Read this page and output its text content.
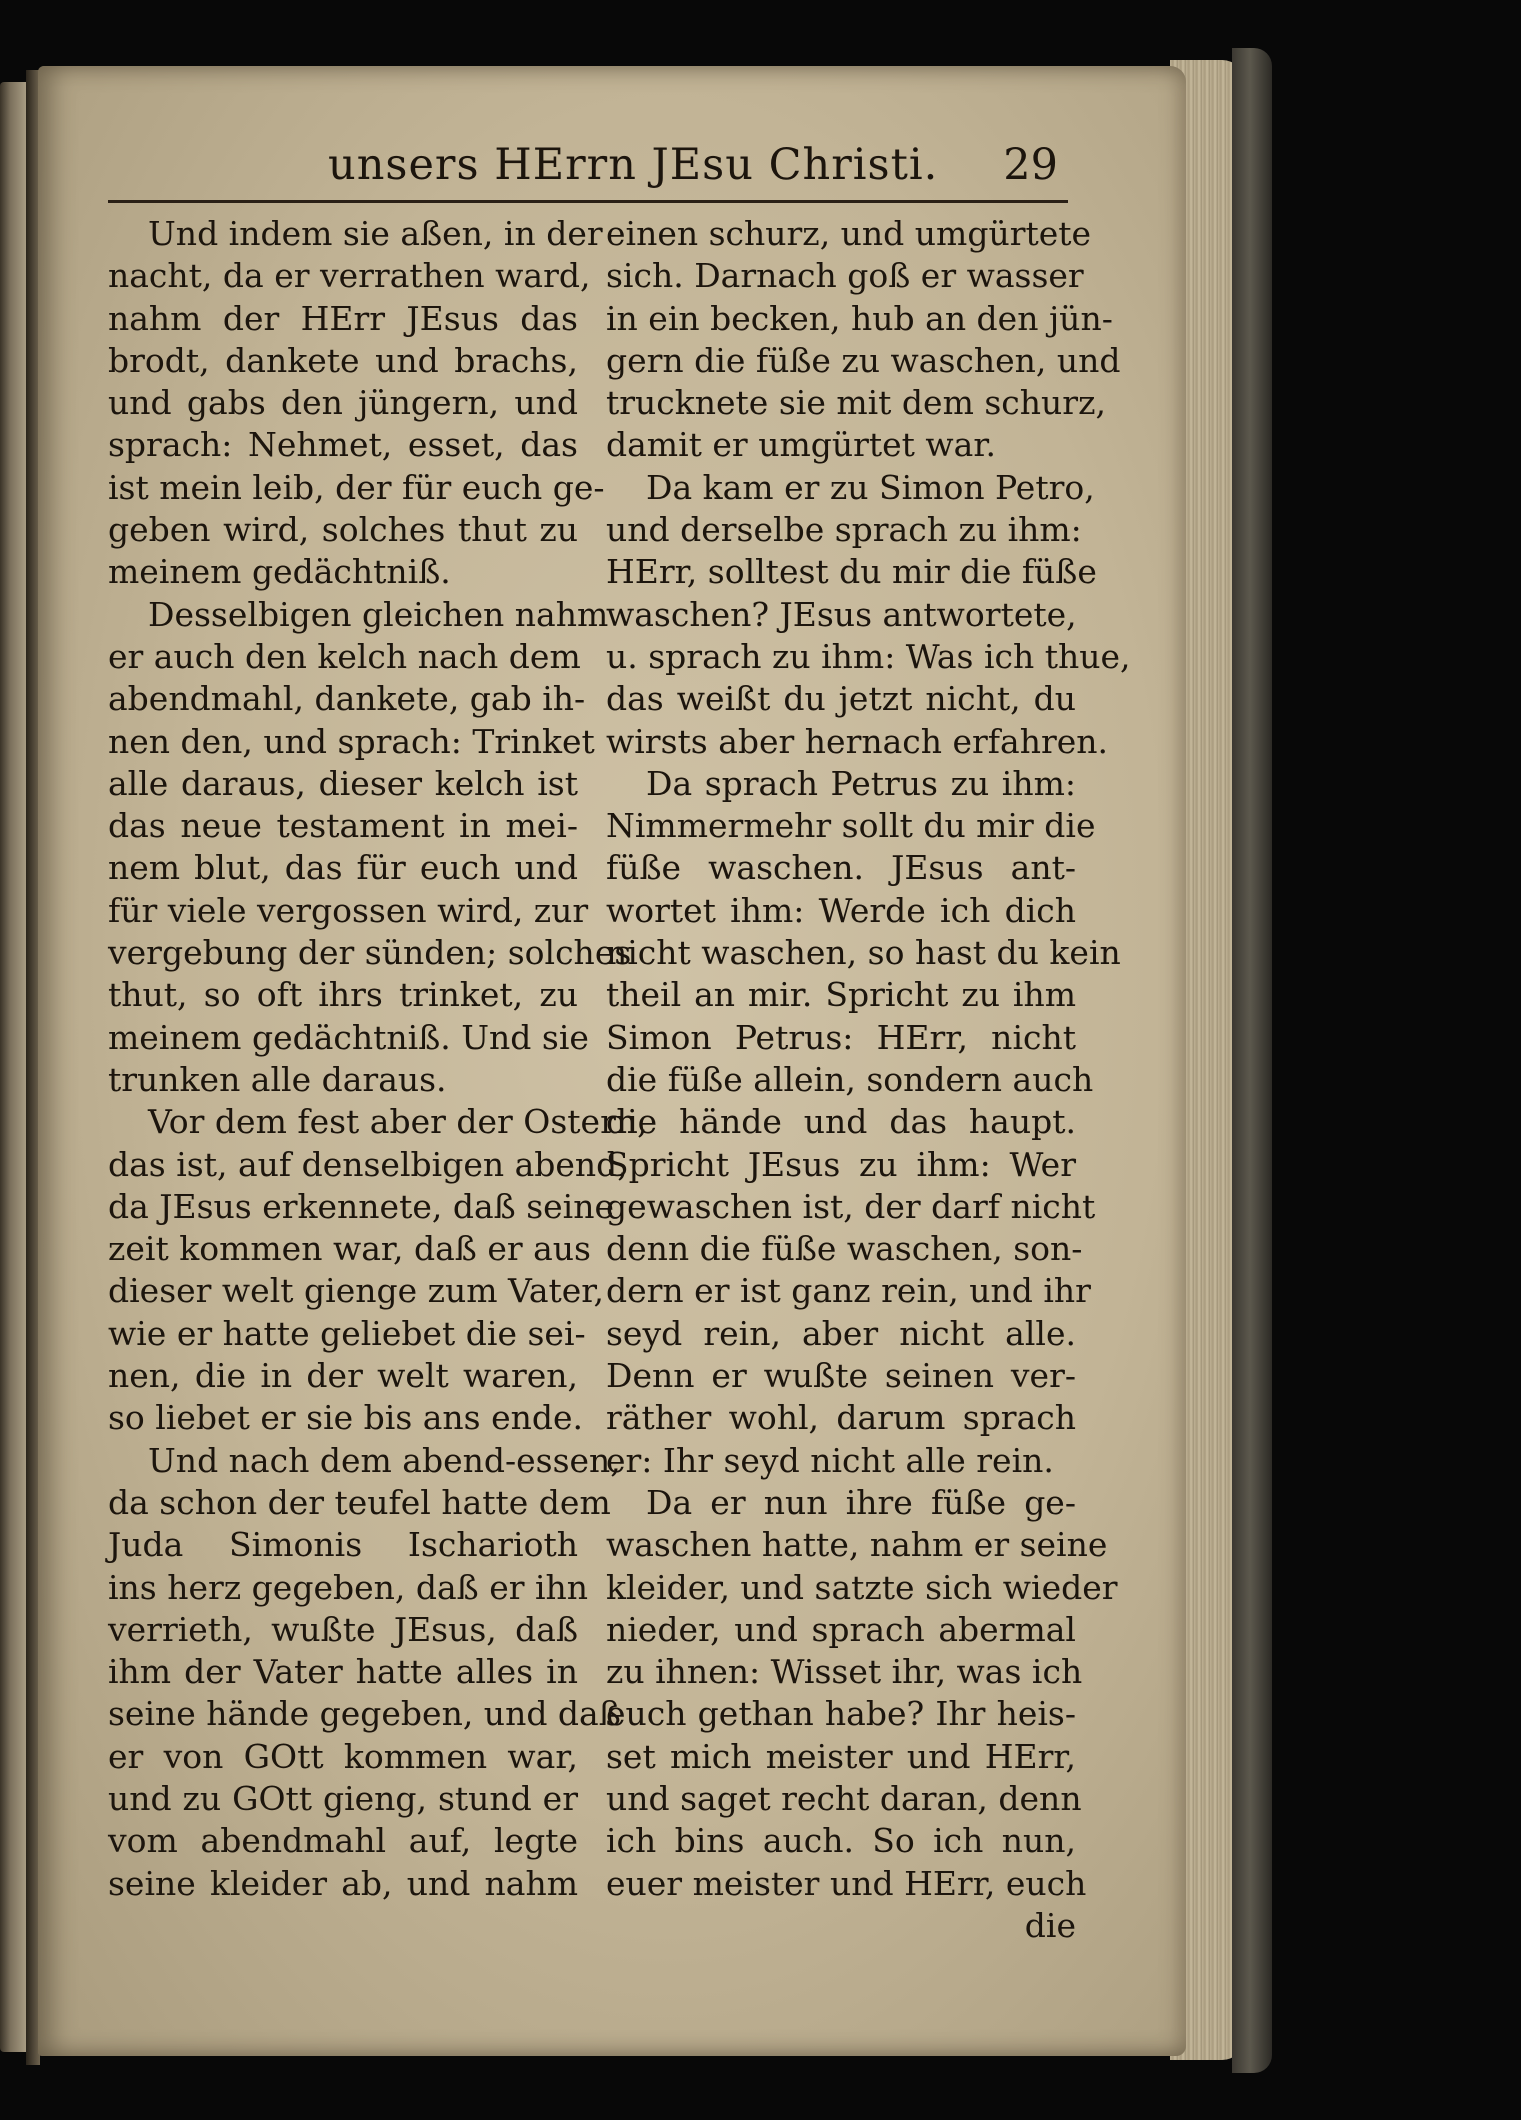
unsers HErrn JEsu Christi. 29
Und indem sie aßen, in der
nacht, da er verrathen ward,
nahm der HErr JEsus das
brodt, dankete und brachs,
und gabs den jüngern, und
sprach: Nehmet, esset, das
ist mein leib, der für euch ge-
geben wird, solches thut zu
meinem gedächtniß.
Desselbigen gleichen nahm
er auch den kelch nach dem
abendmahl, dankete, gab ih-
nen den, und sprach: Trinket
alle daraus, dieser kelch ist
das neue testament in mei-
nem blut, das für euch und
für viele vergossen wird, zur
vergebung der sünden; solches
thut, so oft ihrs trinket, zu
meinem gedächtniß. Und sie
trunken alle daraus.
Vor dem fest aber der Ostern,
das ist, auf denselbigen abend,
da JEsus erkennete, daß seine
zeit kommen war, daß er aus
dieser welt gienge zum Vater,
wie er hatte geliebet die sei-
nen, die in der welt waren,
so liebet er sie bis ans ende.
Und nach dem abend-essen,
da schon der teufel hatte dem
Juda Simonis Ischarioth
ins herz gegeben, daß er ihn
verrieth, wußte JEsus, daß
ihm der Vater hatte alles in
seine hände gegeben, und daß
er von GOtt kommen war,
und zu GOtt gieng, stund er
vom abendmahl auf, legte
seine kleider ab, und nahm
einen schurz, und umgürtete
sich. Darnach goß er wasser
in ein becken, hub an den jün-
gern die füße zu waschen, und
trucknete sie mit dem schurz,
damit er umgürtet war.
Da kam er zu Simon Petro,
und derselbe sprach zu ihm:
HErr, solltest du mir die füße
waschen? JEsus antwortete,
u. sprach zu ihm: Was ich thue,
das weißt du jetzt nicht, du
wirsts aber hernach erfahren.
Da sprach Petrus zu ihm:
Nimmermehr sollt du mir die
füße waschen. JEsus ant-
wortet ihm: Werde ich dich
nicht waschen, so hast du kein
theil an mir. Spricht zu ihm
Simon Petrus: HErr, nicht
die füße allein, sondern auch
die hände und das haupt.
Spricht JEsus zu ihm: Wer
gewaschen ist, der darf nicht
denn die füße waschen, son-
dern er ist ganz rein, und ihr
seyd rein, aber nicht alle.
Denn er wußte seinen ver-
räther wohl, darum sprach
er: Ihr seyd nicht alle rein.
Da er nun ihre füße ge-
waschen hatte, nahm er seine
kleider, und satzte sich wieder
nieder, und sprach abermal
zu ihnen: Wisset ihr, was ich
euch gethan habe? Ihr heis-
set mich meister und HErr,
und saget recht daran, denn
ich bins auch. So ich nun,
euer meister und HErr, euch
die
